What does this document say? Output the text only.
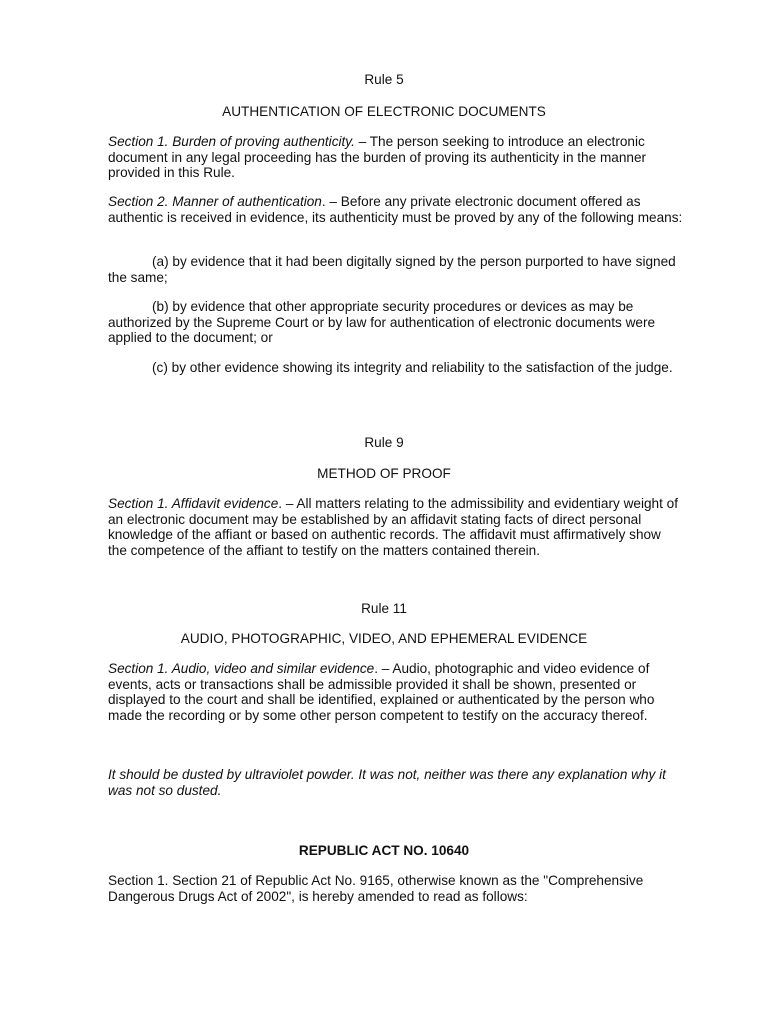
Rule 5

AUTHENTICATION OF ELECTRONIC DOCUMENTS

Section 1. Burden of proving authenticity. – The person seeking to introduce an electronic document in any legal proceeding has the burden of proving its authenticity in the manner provided in this Rule.

Section 2. Manner of authentication. – Before any private electronic document offered as authentic is received in evidence, its authenticity must be proved by any of the following means:

(a) by evidence that it had been digitally signed by the person purported to have signed the same;

(b) by evidence that other appropriate security procedures or devices as may be authorized by the Supreme Court or by law for authentication of electronic documents were applied to the document; or

(c) by other evidence showing its integrity and reliability to the satisfaction of the judge.

Rule 9

METHOD OF PROOF

Section 1. Affidavit evidence. – All matters relating to the admissibility and evidentiary weight of an electronic document may be established by an affidavit stating facts of direct personal knowledge of the affiant or based on authentic records. The affidavit must affirmatively show the competence of the affiant to testify on the matters contained therein.

Rule 11

AUDIO, PHOTOGRAPHIC, VIDEO, AND EPHEMERAL EVIDENCE

Section 1. Audio, video and similar evidence. – Audio, photographic and video evidence of events, acts or transactions shall be admissible provided it shall be shown, presented or displayed to the court and shall be identified, explained or authenticated by the person who made the recording or by some other person competent to testify on the accuracy thereof.

It should be dusted by ultraviolet powder. It was not, neither was there any explanation why it was not so dusted.

REPUBLIC ACT NO. 10640

Section 1. Section 21 of Republic Act No. 9165, otherwise known as the "Comprehensive Dangerous Drugs Act of 2002", is hereby amended to read as follows:
